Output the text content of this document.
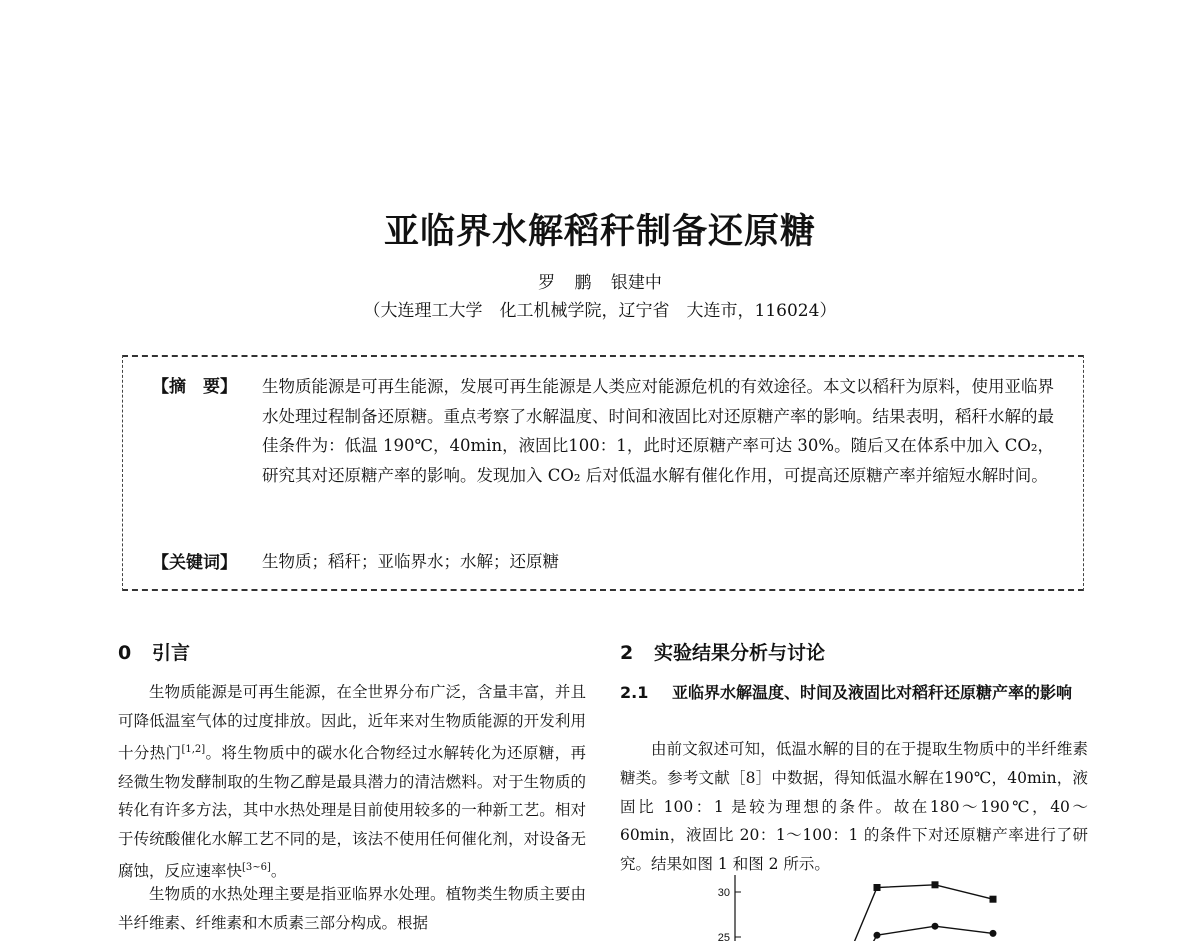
亚临界水解稻秆制备还原糖
罗 鹏 银建中
（大连理工大学　化工机械学院，辽宁省　大连市，116024）
【摘　要】 生物质能源是可再生能源，发展可再生能源是人类应对能源危机的有效途径。本文以稻秆为原料，使用亚临界水处理过程制备还原糖。重点考察了水解温度、时间和液固比对还原糖产率的影响。结果表明，稻秆水解的最佳条件为：低温 190℃，40min，液固比100：1，此时还原糖产率可达 30%。随后又在体系中加入 CO₂，研究其对还原糖产率的影响。发现加入 CO₂ 后对低温水解有催化作用，可提高还原糖产率并缩短水解时间。
【关键词】 生物质；稻秆；亚临界水；水解；还原糖
0 引言

生物质能源是可再生能源，在全世界分布广泛，含量丰富，并且可降低温室气体的过度排放。因此，近年来对生物质能源的开发利用十分热门[1,2]。将生物质中的碳水化合物经过水解转化为还原糖，再经微生物发酵制取的生物乙醇是最具潜力的清洁燃料。对于生物质的转化有许多方法，其中水热处理是目前使用较多的一种新工艺。相对于传统酸催化水解工艺不同的是，该法不使用任何催化剂，对设备无腐蚀，反应速率快[3~6]。

生物质的水热处理主要是指亚临界水处理。植物类生物质主要由半纤维素、纤维素和木质素三部分构成。根据

2 实验结果分析与讨论
2.1 亚临界水解温度、时间及液固比对稻秆还原糖产率的影响

由前文叙述可知，低温水解的目的在于提取生物质中的半纤维素糖类。参考文献［8］中数据，得知低温水解在190℃，40min，液固比 100：1 是较为理想的条件。故在180～190℃，40～60min，液固比 20：1～100：1 的条件下对还原糖产率进行了研究。结果如图 1 和图 2 所示。

30
25
